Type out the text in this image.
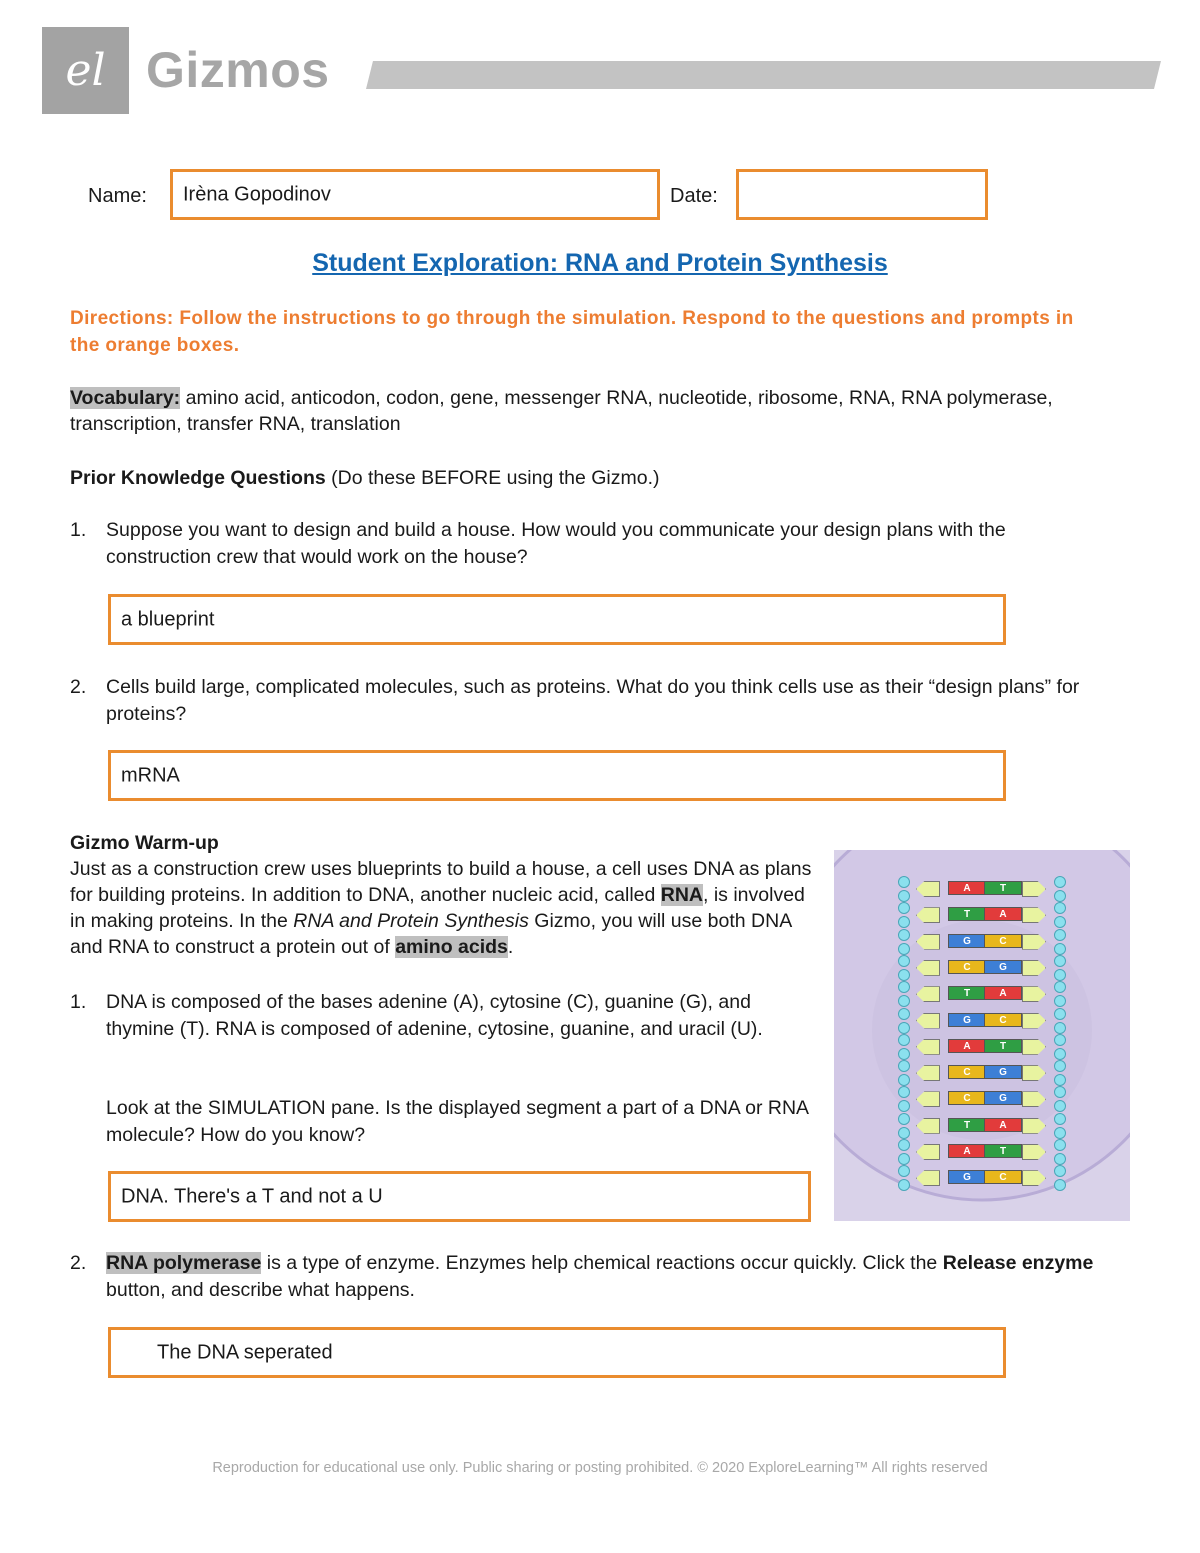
el Gizmos
Name: Irèna Gopodinov	Date:
Student Exploration: RNA and Protein Synthesis
Directions: Follow the instructions to go through the simulation. Respond to the questions and prompts in the orange boxes.
Vocabulary: amino acid, anticodon, codon, gene, messenger RNA, nucleotide, ribosome, RNA, RNA polymerase, transcription, transfer RNA, translation
Prior Knowledge Questions (Do these BEFORE using the Gizmo.)
1. Suppose you want to design and build a house. How would you communicate your design plans with the construction crew that would work on the house?
a blueprint
2. Cells build large, complicated molecules, such as proteins. What do you think cells use as their “design plans” for proteins?
mRNA
Gizmo Warm-up
Just as a construction crew uses blueprints to build a house, a cell uses DNA as plans for building proteins. In addition to DNA, another nucleic acid, called RNA, is involved in making proteins. In the RNA and Protein Synthesis Gizmo, you will use both DNA and RNA to construct a protein out of amino acids.
1. DNA is composed of the bases adenine (A), cytosine (C), guanine (G), and thymine (T). RNA is composed of adenine, cytosine, guanine, and uracil (U).
Look at the SIMULATION pane. Is the displayed segment a part of a DNA or RNA molecule? How do you know?
DNA. There's a T and not a U
A	T
T	A
G	C
C	G
T	A
G	C
A	T
C	G
C	G
T	A
A	T
G	C
2. RNA polymerase is a type of enzyme. Enzymes help chemical reactions occur quickly. Click the Release enzyme button, and describe what happens.
The DNA seperated
Reproduction for educational use only. Public sharing or posting prohibited. © 2020 ExploreLearning™ All rights reserved
